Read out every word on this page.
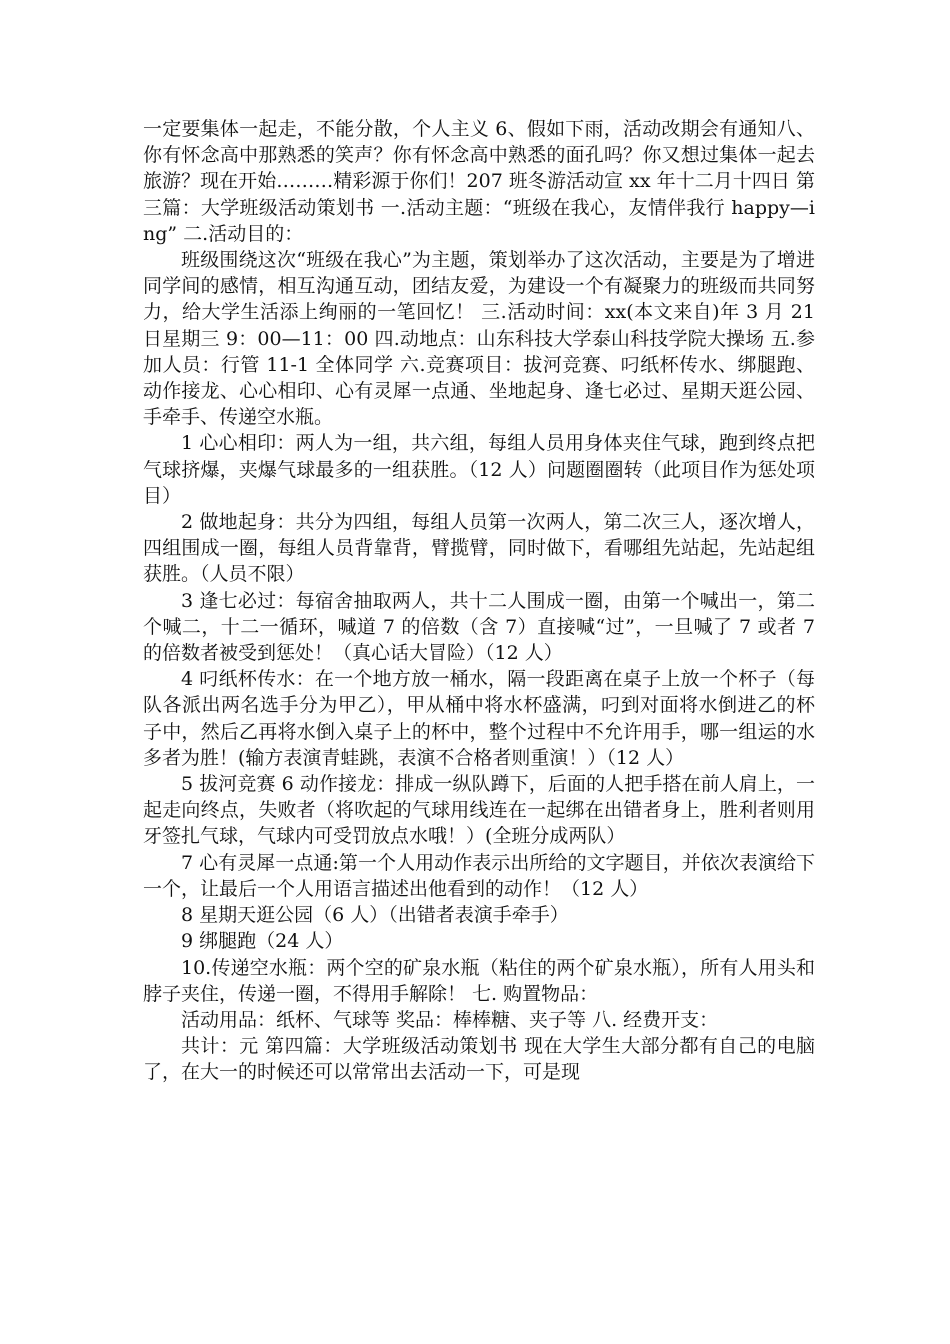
一定要集体一起走，不能分散，个人主义 6、假如下雨，活动改期会有通知八、你有怀念高中那熟悉的笑声？你有怀念高中熟悉的面孔吗？你又想过集体一起去旅游？现在开始………精彩源于你们！207 班冬游活动宣 xx 年十二月十四日 第三篇：大学班级活动策划书 一.活动主题：“班级在我心，友情伴我行 happy—ing” 二.活动目的：

班级围绕这次“班级在我心”为主题，策划举办了这次活动，主要是为了增进同学间的感情，相互沟通互动，团结友爱，为建设一个有凝聚力的班级而共同努力，给大学生活添上绚丽的一笔回忆！ 三.活动时间：xx(本文来自)年 3 月 21 日星期三 9：00—11：00 四.动地点：山东科技大学泰山科技学院大操场 五.参加人员：行管 11-1 全体同学 六.竞赛项目：拔河竞赛、叼纸杯传水、绑腿跑、动作接龙、心心相印、心有灵犀一点通、坐地起身、逢七必过、星期天逛公园、手牵手、传递空水瓶。

1 心心相印：两人为一组，共六组，每组人员用身体夹住气球，跑到终点把气球挤爆，夹爆气球最多的一组获胜。（12 人）问题圈圈转（此项目作为惩处项目）

2 做地起身：共分为四组，每组人员第一次两人，第二次三人，逐次增人，四组围成一圈，每组人员背靠背，臂揽臂，同时做下，看哪组先站起，先站起组获胜。（人员不限）

3 逢七必过：每宿舍抽取两人，共十二人围成一圈，由第一个喊出一，第二个喊二，十二一循环，喊道 7 的倍数（含 7）直接喊“过”，一旦喊了 7 或者 7 的倍数者被受到惩处！（真心话大冒险）（12 人）

4 叼纸杯传水：在一个地方放一桶水，隔一段距离在桌子上放一个杯子（每队各派出两名选手分为甲乙），甲从桶中将水杯盛满，叼到对面将水倒进乙的杯子中，然后乙再将水倒入桌子上的杯中，整个过程中不允许用手，哪一组运的水多者为胜！(输方表演青蛙跳，表演不合格者则重演！）（12 人）

5 拔河竞赛 6 动作接龙：排成一纵队蹲下，后面的人把手搭在前人肩上，一起走向终点，失败者（将吹起的气球用线连在一起绑在出错者身上，胜利者则用牙签扎气球，气球内可受罚放点水哦！）(全班分成两队）

7 心有灵犀一点通:第一个人用动作表示出所给的文字题目，并依次表演给下一个，让最后一个人用语言描述出他看到的动作！（12 人）

8 星期天逛公园（6 人）（出错者表演手牵手）

9 绑腿跑（24 人）

10.传递空水瓶：两个空的矿泉水瓶（粘住的两个矿泉水瓶），所有人用头和脖子夹住，传递一圈，不得用手解除！ 七. 购置物品：

活动用品：纸杯、气球等 奖品：棒棒糖、夹子等 八. 经费开支：

共计：元 第四篇：大学班级活动策划书 现在大学生大部分都有自己的电脑了，在大一的时候还可以常常出去活动一下，可是现
